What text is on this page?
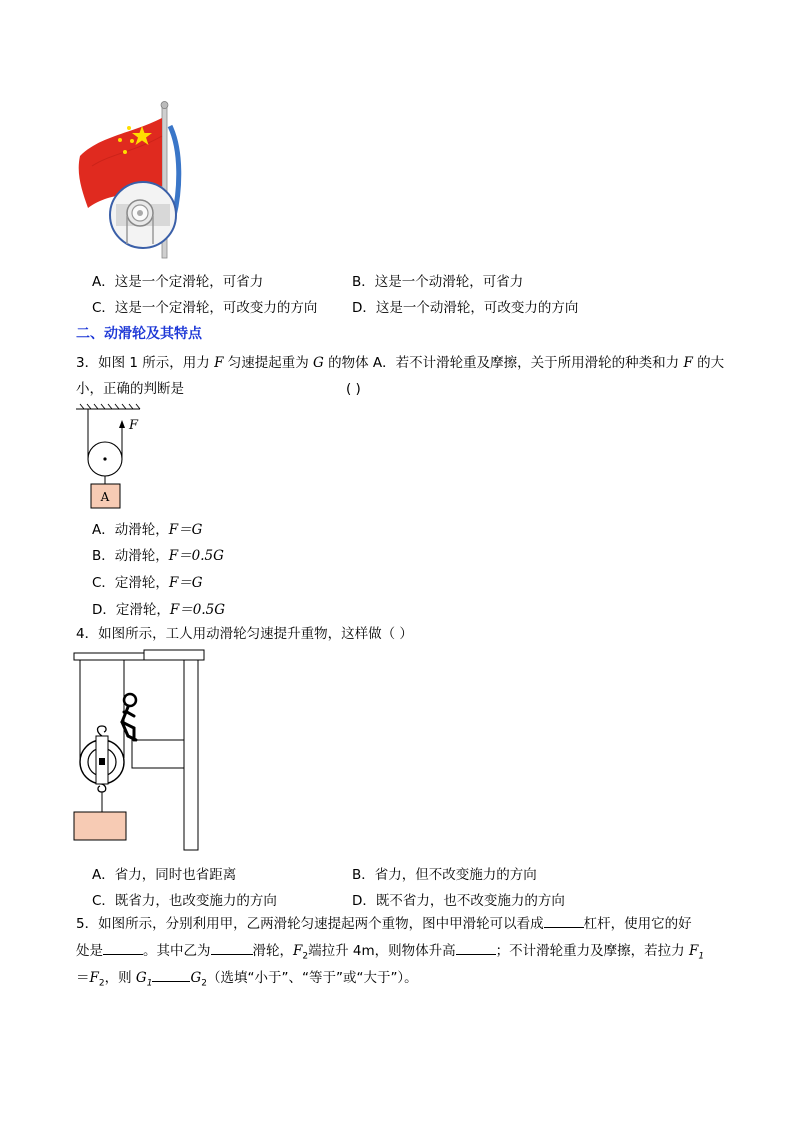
A．这是一个定滑轮，可省力	B．这是一个动滑轮，可省力
C．这是一个定滑轮，可改变力的方向	D．这是一个动滑轮，可改变力的方向
二、动滑轮及其特点
3．如图 1 所示，用力 F 匀速提起重为 G 的物体 A．若不计滑轮重及摩擦，关于所用滑轮的种类和力 F 的大
小，正确的判断是	( )
F
A
A．动滑轮，F＝G
B．动滑轮，F＝0.5G
C．定滑轮，F＝G
D．定滑轮，F＝0.5G
4．如图所示，工人用动滑轮匀速提升重物，这样做（ ）
A．省力，同时也省距离	B．省力，但不改变施力的方向
C．既省力，也改变施力的方向	D．既不省力，也不改变施力的方向
5．如图所示，分别利用甲，乙两滑轮匀速提起两个重物，图中甲滑轮可以看成	杠杆，使用它的好
处是	。其中乙为	滑轮，$F_2$端拉升 4m，则物体升高	；不计滑轮重力及摩擦，若拉力 $F_1$
$=F_2$，则 $G_1$	$G_2$（选填“小于”、“等于”或“大于”）。
